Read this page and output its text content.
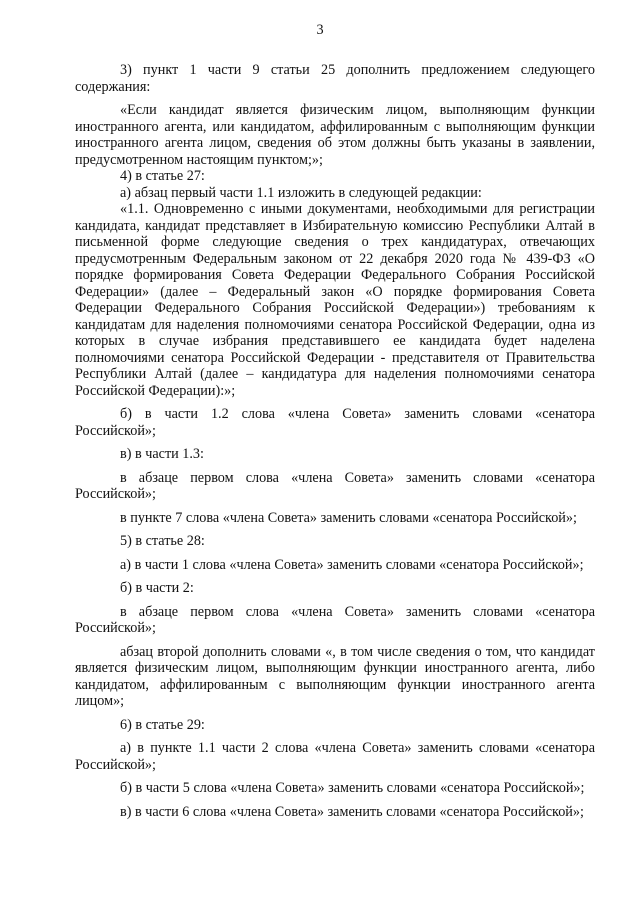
3

3) пункт 1 части 9 статьи 25 дополнить предложением следующего содержания:

«Если кандидат является физическим лицом, выполняющим функции иностранного агента, или кандидатом, аффилированным с выполняющим функции иностранного агента лицом, сведения об этом должны быть указаны в заявлении, предусмотренном настоящим пунктом;»;

4) в статье 27:

а) абзац первый части 1.1 изложить в следующей редакции:

«1.1. Одновременно с иными документами, необходимыми для регистрации кандидата, кандидат представляет в Избирательную комиссию Республики Алтай в письменной форме следующие сведения о трех кандидатурах, отвечающих предусмотренным Федеральным законом от 22 декабря 2020 года № 439-ФЗ «О порядке формирования Совета Федерации Федерального Собрания Российской Федерации» (далее – Федеральный закон «О порядке формирования Совета Федерации Федерального Собрания Российской Федерации») требованиям к кандидатам для наделения полномочиями сенатора Российской Федерации, одна из которых в случае избрания представившего ее кандидата будет наделена полномочиями сенатора Российской Федерации - представителя от Правительства Республики Алтай (далее – кандидатура для наделения полномочиями сенатора Российской Федерации):»;

б) в части 1.2 слова «члена Совета» заменить словами «сенатора Российской»;

в) в части 1.3:

в абзаце первом слова «члена Совета» заменить словами «сенатора Российской»;

в пункте 7 слова «члена Совета» заменить словами «сенатора Российской»;

5) в статье 28:

а) в части 1 слова «члена Совета» заменить словами «сенатора Российской»;

б) в части 2:

в абзаце первом слова «члена Совета» заменить словами «сенатора Российской»;

абзац второй дополнить словами «, в том числе сведения о том, что кандидат является физическим лицом, выполняющим функции иностранного агента, либо кандидатом, аффилированным с выполняющим функции иностранного агента лицом»;

6) в статье 29:

а) в пункте 1.1 части 2 слова «члена Совета» заменить словами «сенатора Российской»;

б) в части 5 слова «члена Совета» заменить словами «сенатора Российской»;

в) в части 6 слова «члена Совета» заменить словами «сенатора Российской»;
